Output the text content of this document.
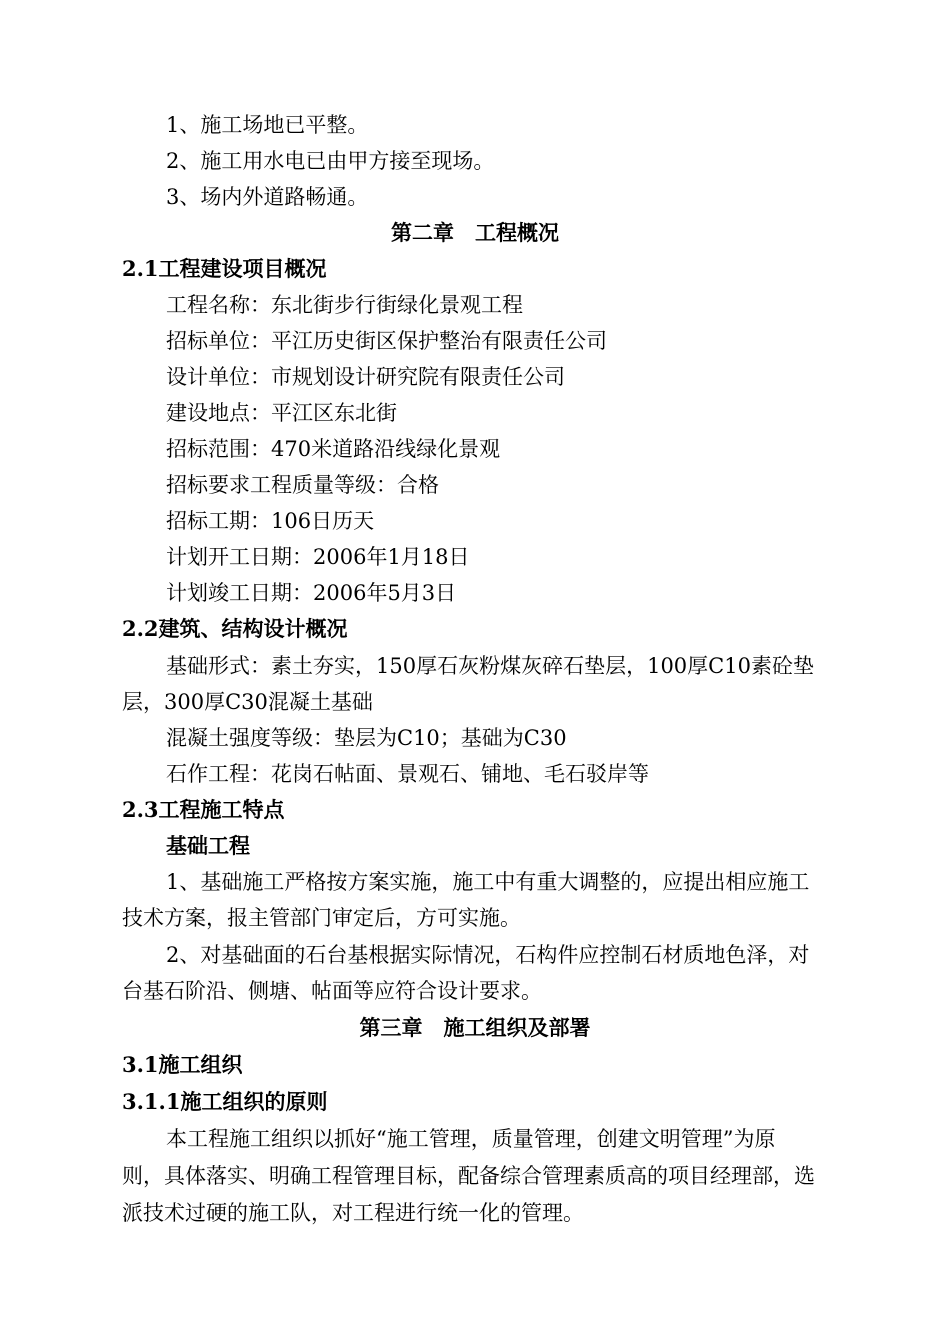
1、施工场地已平整。
2、施工用水电已由甲方接至现场。
3、场内外道路畅通。
第二章　工程概况
2.1工程建设项目概况
工程名称：东北街步行街绿化景观工程
招标单位：平江历史街区保护整治有限责任公司
设计单位：市规划设计研究院有限责任公司
建设地点：平江区东北街
招标范围：470米道路沿线绿化景观
招标要求工程质量等级：合格
招标工期：106日历天
计划开工日期：2006年1月18日
计划竣工日期：2006年5月3日
2.2建筑、结构设计概况
基础形式：素土夯实，150厚石灰粉煤灰碎石垫层，100厚C10素砼垫
层，300厚C30混凝土基础
混凝土强度等级：垫层为C10；基础为C30
石作工程：花岗石帖面、景观石、铺地、毛石驳岸等
2.3工程施工特点
基础工程
1、基础施工严格按方案实施，施工中有重大调整的，应提出相应施工
技术方案，报主管部门审定后，方可实施。
2、对基础面的石台基根据实际情况，石构件应控制石材质地色泽，对
台基石阶沿、侧塘、帖面等应符合设计要求。
第三章　施工组织及部署
3.1施工组织
3.1.1施工组织的原则
本工程施工组织以抓好“施工管理，质量管理，创建文明管理”为原
则，具体落实、明确工程管理目标，配备综合管理素质高的项目经理部，选
派技术过硬的施工队，对工程进行统一化的管理。
